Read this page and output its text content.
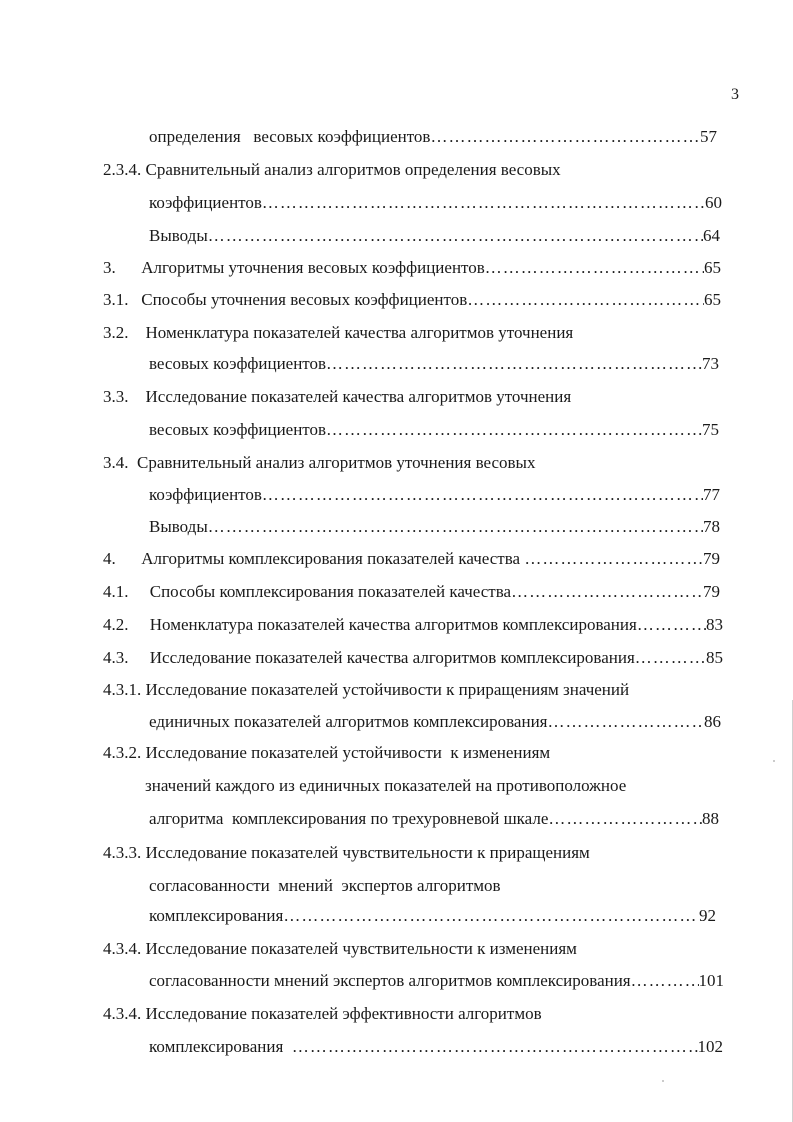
3
определения   весовых коэффициентов ……………………………………………………………………………………………………………………………………………………………………………………………………………………	57
2.3.4. Сравнительный анализ алгоритмов определения весовых
коэффициентов ……………………………………………………………………………………………………………………………………………………………………………………………………………………	60
Выводы ……………………………………………………………………………………………………………………………………………………………………………………………………………………	64
3.      Алгоритмы уточнения весовых коэффициентов ……………………………………………………………………………………………………………………………………………………………………………………………………………………	65
3.1.   Способы уточнения весовых коэффициентов ……………………………………………………………………………………………………………………………………………………………………………………………………………………	65
3.2.    Номенклатура показателей качества алгоритмов уточнения
весовых коэффициентов ……………………………………………………………………………………………………………………………………………………………………………………………………………………	73
3.3.    Исследование показателей качества алгоритмов уточнения
весовых коэффициентов ……………………………………………………………………………………………………………………………………………………………………………………………………………………	75
3.4.  Сравнительный анализ алгоритмов уточнения весовых
коэффициентов ……………………………………………………………………………………………………………………………………………………………………………………………………………………	77
Выводы ……………………………………………………………………………………………………………………………………………………………………………………………………………………	78
4.      Алгоритмы комплексирования показателей качества ……………………………………………………………………………………………………………………………………………………………………………………………………………………	79
4.1.     Способы комплексирования показателей качества ……………………………………………………………………………………………………………………………………………………………………………………………………………………	79
4.2.     Номенклатура показателей качества алгоритмов комплексирования ……………………………………………………………………………………………………………………………………………………………………………………………………………………	83
4.3.     Исследование показателей качества алгоритмов комплексирования ……………………………………………………………………………………………………………………………………………………………………………………………………………………	85
4.3.1. Исследование показателей устойчивости к приращениям значений
единичных показателей алгоритмов комплексирования ……………………………………………………………………………………………………………………………………………………………………………………………………………………	86
4.3.2. Исследование показателей устойчивости  к изменениям
значений каждого из единичных показателей на противоположное
алгоритма  комплексирования по трехуровневой шкале ……………………………………………………………………………………………………………………………………………………………………………………………………………………	88
4.3.3. Исследование показателей чувствительности к приращениям
согласованности  мнений  экспертов алгоритмов
комплексирования ……………………………………………………………………………………………………………………………………………………………………………………………………………………	92
4.3.4. Исследование показателей чувствительности к изменениям
согласованности мнений экспертов алгоритмов комплексирования ……………………………………………………………………………………………………………………………………………………………………………………………………………………	101
4.3.4. Исследование показателей эффективности алгоритмов
комплексирования ……………………………………………………………………………………………………………………………………………………………………………………………………………………	102
